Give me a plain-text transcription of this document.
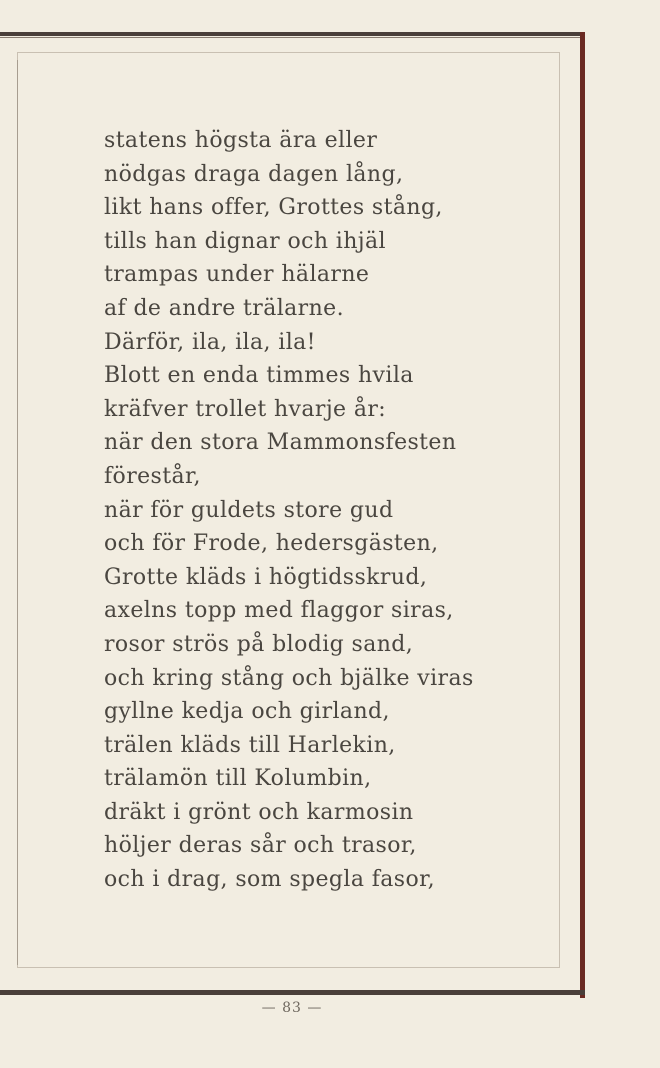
statens högsta ära eller
nödgas draga dagen lång,
likt hans offer, Grottes stång,
tills han dignar och ihjäl
trampas under hälarne
af de andre trälarne.
Därför, ila, ila, ila!
Blott en enda timmes hvila
kräfver trollet hvarje år:
när den stora Mammonsfesten
förestår,
när för guldets store gud
och för Frode, hedersgästen,
Grotte kläds i högtidsskrud,
axelns topp med flaggor siras,
rosor strös på blodig sand,
och kring stång och bjälke viras
gyllne kedja och girland,
trälen kläds till Harlekin,
trälamön till Kolumbin,
dräkt i grönt och karmosin
höljer deras sår och trasor,
och i drag, som spegla fasor,
— 83 —
